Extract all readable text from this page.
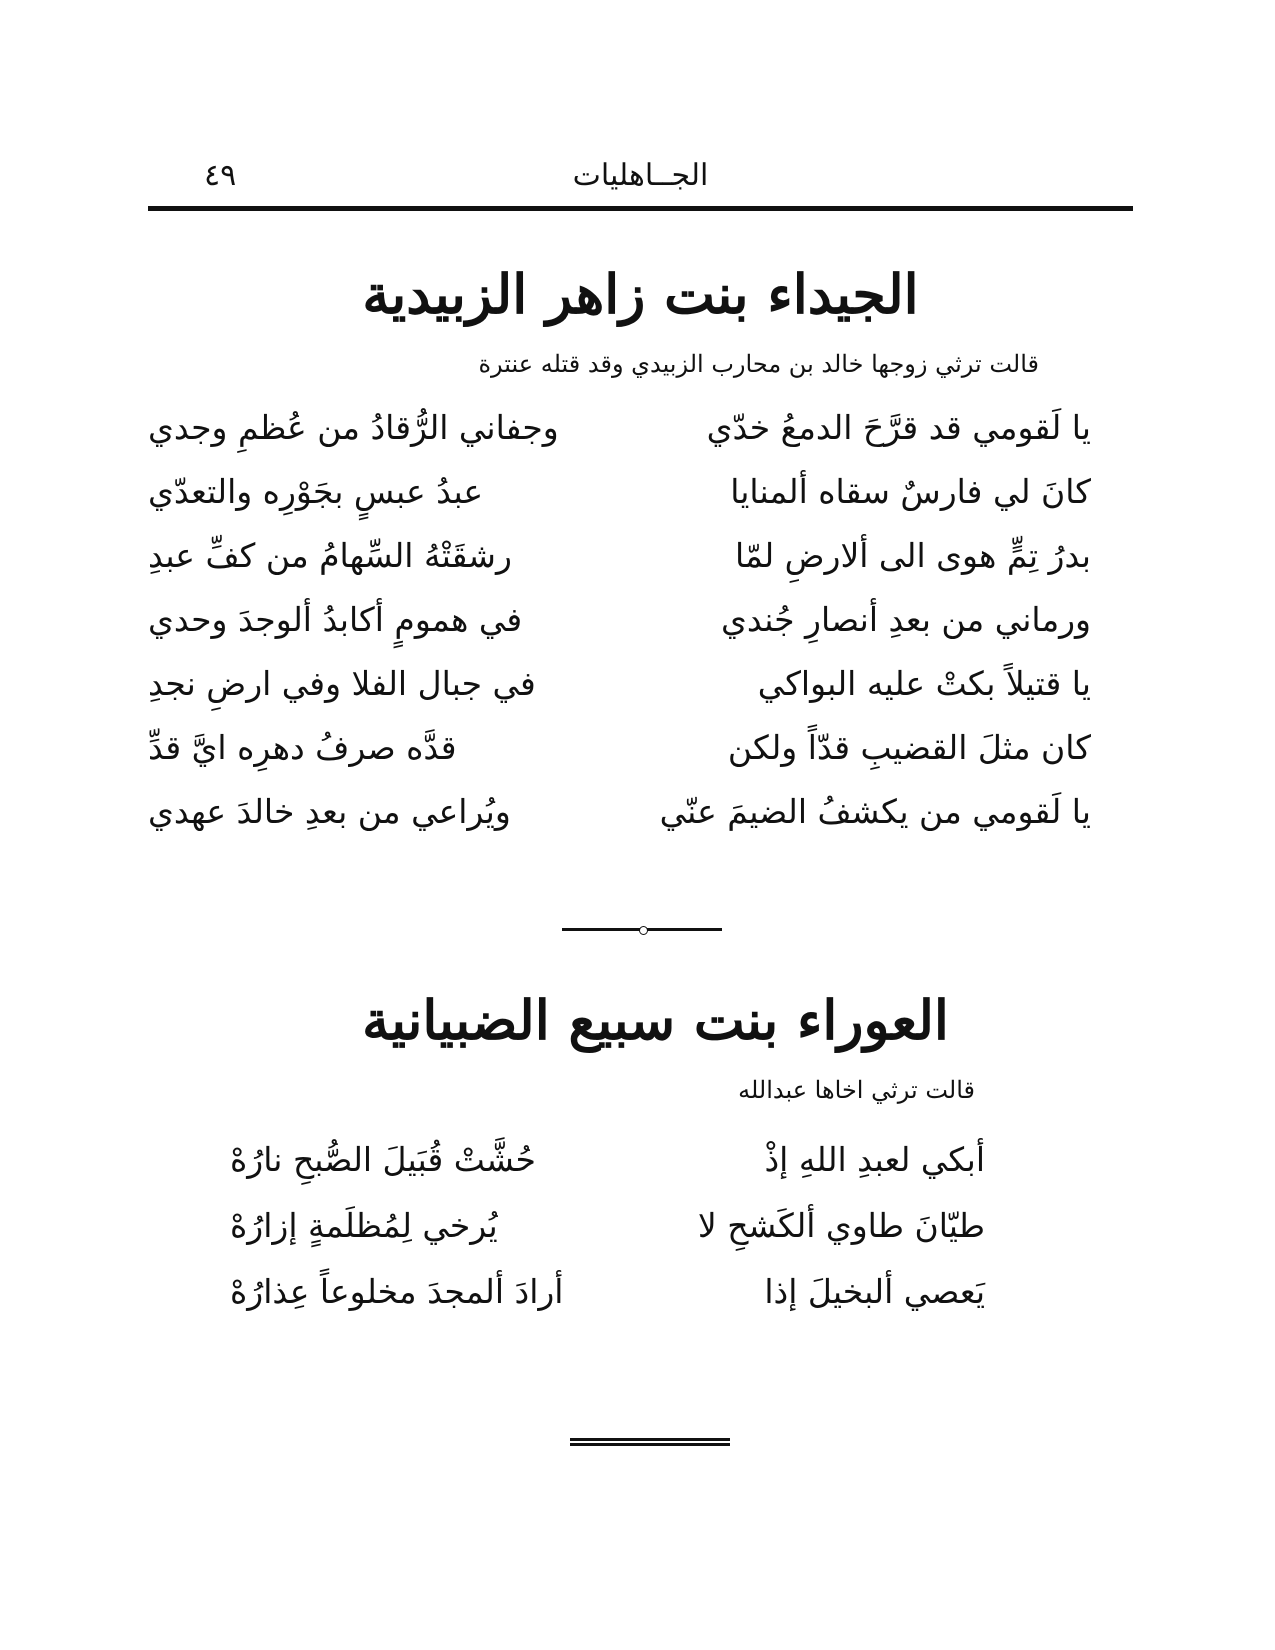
الجــاهليات
٤٩
الجيداء بنت زاهر الزبيدية
قالت ترثي زوجها خالد بن محارب الزبيدي وقد قتله عنترة
يا لَقومي قد قرَّحَ الدمعُ خدّي
وجفاني الرُّقادُ من عُظمِ وجدي
كانَ لي فارسٌ سقاه ألمنايا
عبدُ عبسٍ بجَوْرِه والتعدّي
بدرُ تِمٍّ هوى الى ألارضِ لمّا
رشقَتْهُ السِّهامُ من كفِّ عبدِ
ورماني من بعدِ أنصارِ جُندي
في همومٍ أكابدُ ألوجدَ وحدي
يا قتيلاً بكتْ عليه البواكي
في جبال الفلا وفي ارضِ نجدِ
كان مثلَ القضيبِ قدّاً ولكن
قدَّه صرفُ دهرِه ايَّ قدِّ
يا لَقومي من يكشفُ الضيمَ عنّي
ويُراعي من بعدِ خالدَ عهدي
العوراء بنت سبيع الضبيانية
قالت ترثي اخاها عبدالله
أبكي لعبدِ اللهِ إذْ
حُشَّتْ قُبَيلَ الصُّبحِ نارُهْ
طيّانَ طاوي ألكَشحِ لا
يُرخي لِمُظلَمةٍ إزارُهْ
يَعصي ألبخيلَ إذا
أرادَ ألمجدَ مخلوعاً عِذارُهْ
